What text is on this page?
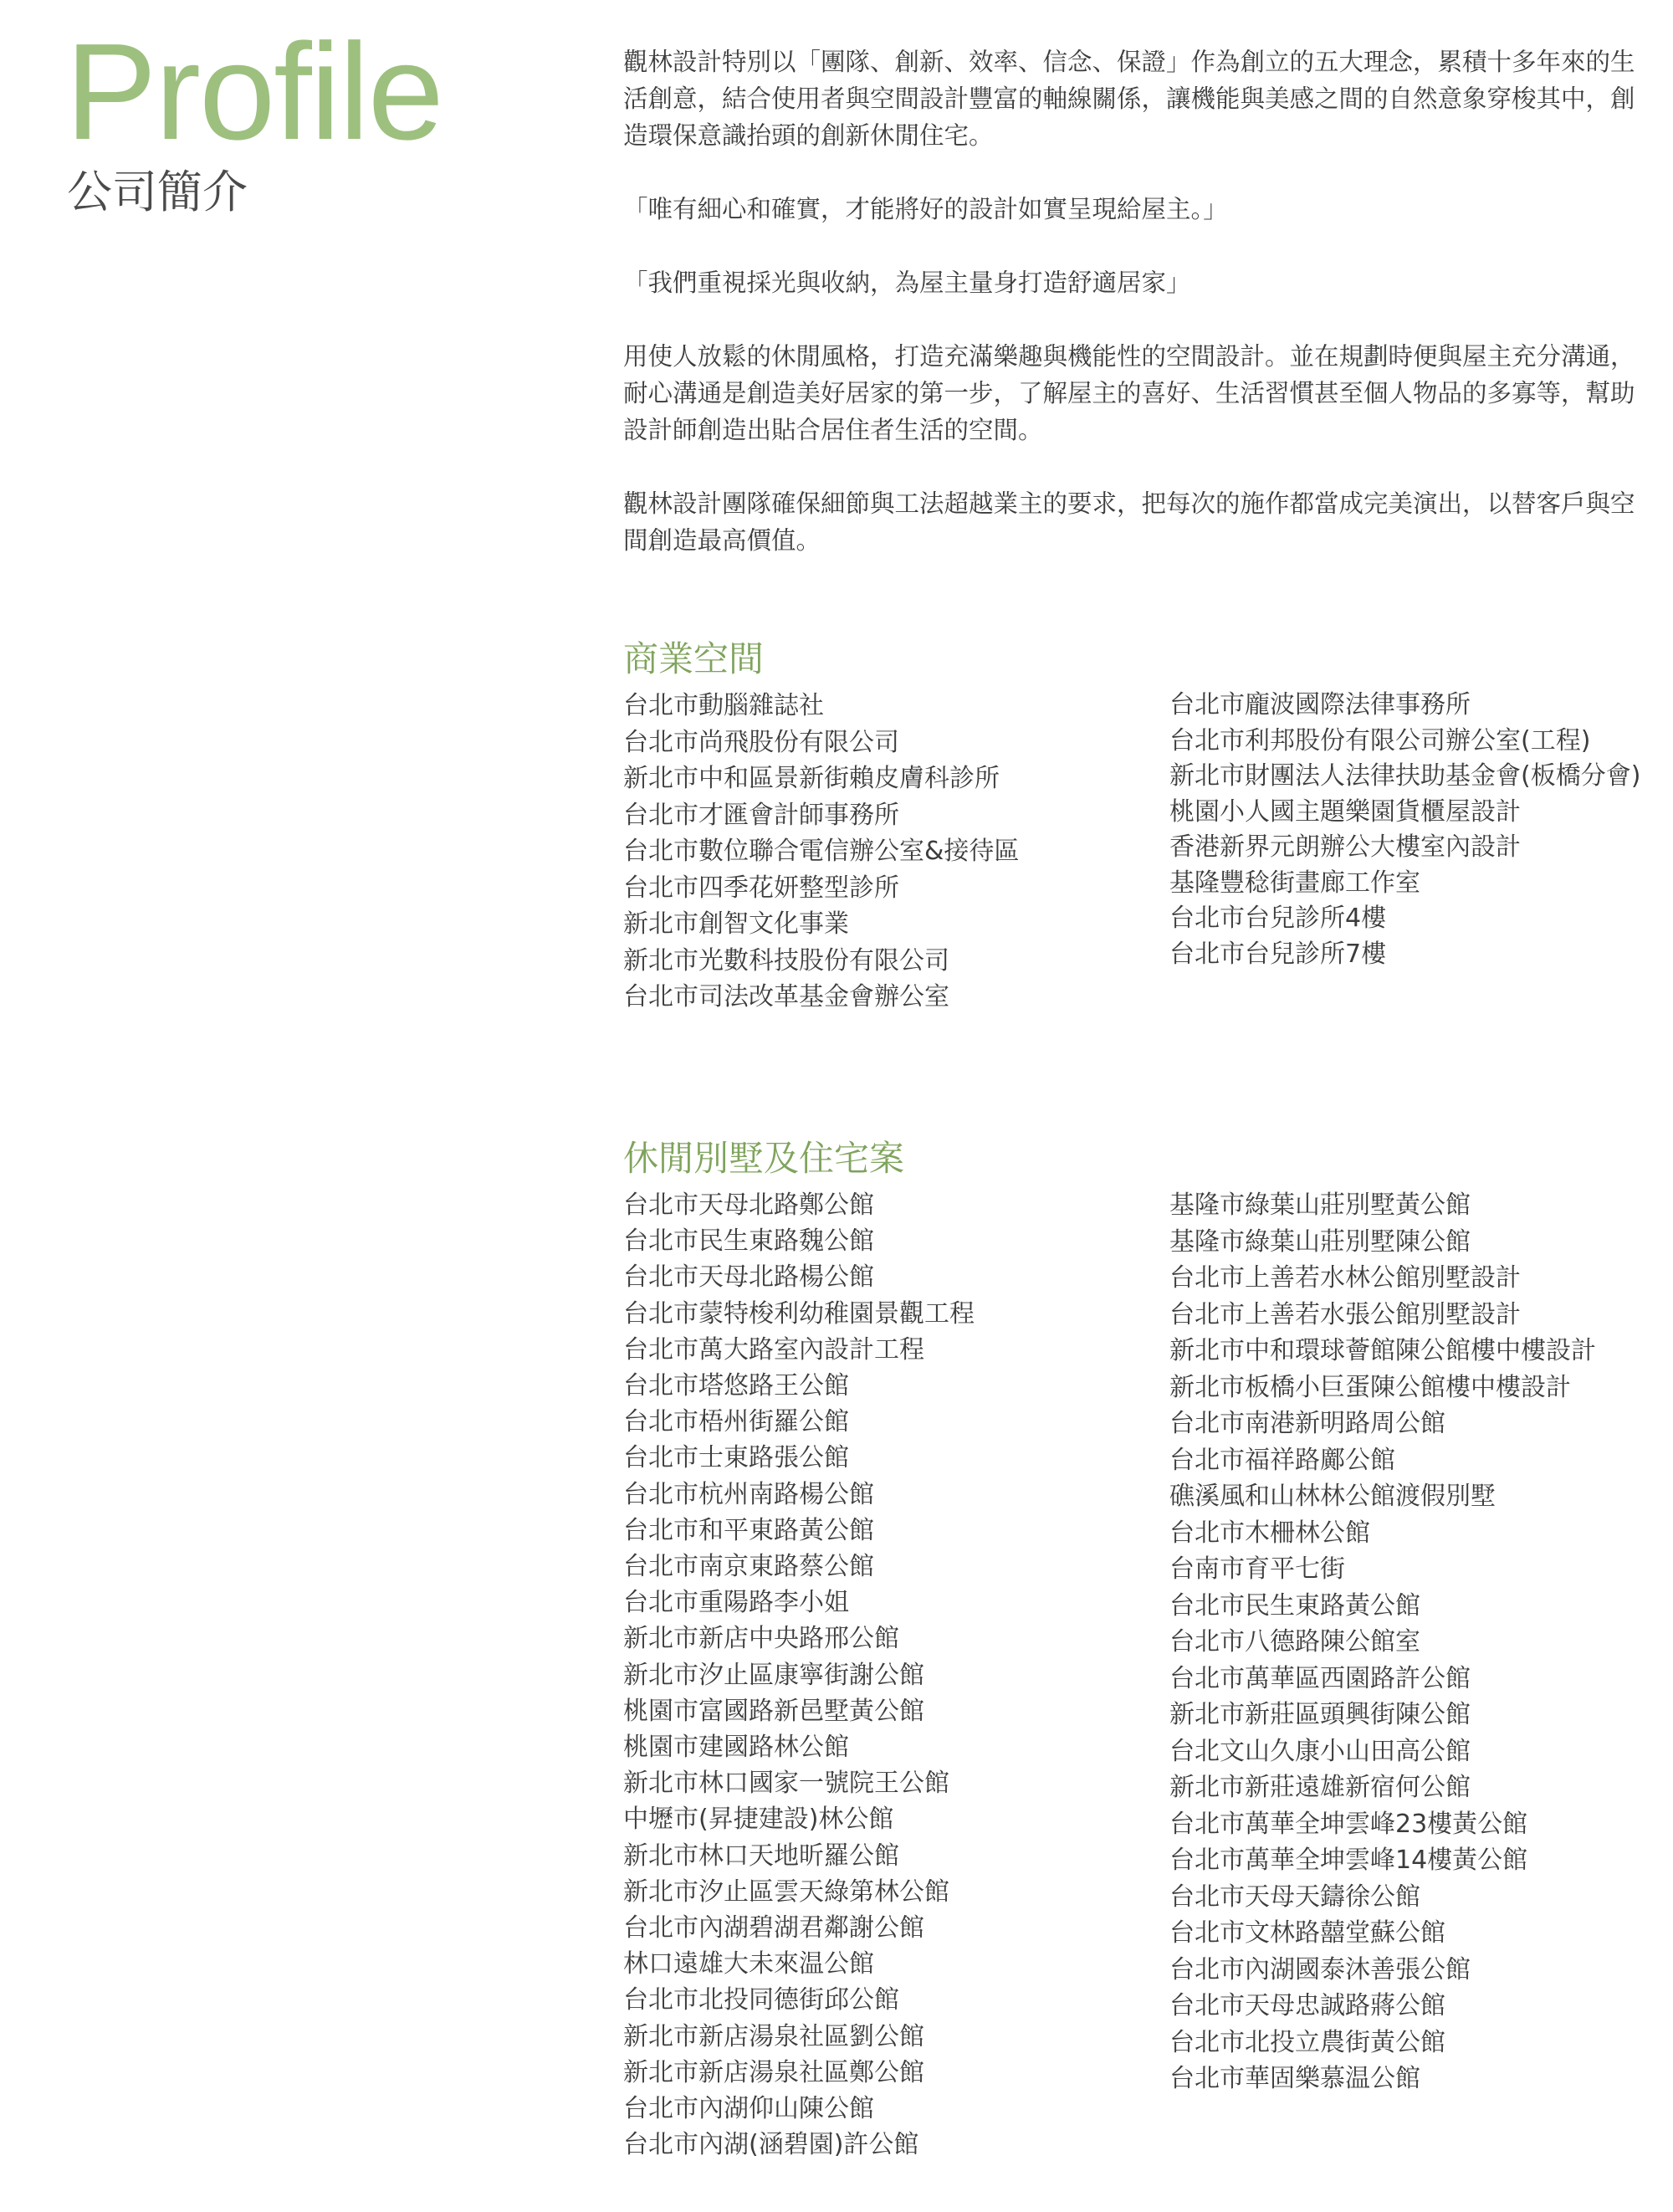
Profile
公司簡介

觀林設計特別以「團隊、創新、效率、信念、保證」作為創立的五大理念，累積十多年來的生活創意，結合使用者與空間設計豐富的軸線關係，讓機能與美感之間的自然意象穿梭其中，創造環保意識抬頭的創新休閒住宅。

「唯有細心和確實，才能將好的設計如實呈現給屋主。」

「我們重視採光與收納，為屋主量身打造舒適居家」

用使人放鬆的休閒風格，打造充滿樂趣與機能性的空間設計。並在規劃時便與屋主充分溝通，耐心溝通是創造美好居家的第一步，了解屋主的喜好、生活習慣甚至個人物品的多寡等，幫助設計師創造出貼合居住者生活的空間。

觀林設計團隊確保細節與工法超越業主的要求，把每次的施作都當成完美演出，以替客戶與空間創造最高價值。

商業空間
台北市動腦雜誌社
台北市尚飛股份有限公司
新北市中和區景新街賴皮膚科診所
台北市才匯會計師事務所
台北市數位聯合電信辦公室&接待區
台北市四季花妍整型診所
新北市創智文化事業
新北市光數科技股份有限公司
台北市司法改革基金會辦公室
台北市龐波國際法律事務所
台北市利邦股份有限公司辦公室(工程)
新北市財團法人法律扶助基金會(板橋分會)
桃園小人國主題樂園貨櫃屋設計
香港新界元朗辦公大樓室內設計
基隆豐稔街畫廊工作室
台北市台兒診所4樓
台北市台兒診所7樓
休閒別墅及住宅案
台北市天母北路鄭公館
台北市民生東路魏公館
台北市天母北路楊公館
台北市蒙特梭利幼稚園景觀工程
台北市萬大路室內設計工程
台北市塔悠路王公館
台北市梧州街羅公館
台北市士東路張公館
台北市杭州南路楊公館
台北市和平東路黃公館
台北市南京東路蔡公館
台北市重陽路李小姐
新北市新店中央路邢公館
新北市汐止區康寧街謝公館
桃園市富國路新邑墅黃公館
桃園市建國路林公館
新北市林口國家一號院王公館
中壢市(昇捷建設)林公館
新北市林口天地昕羅公館
新北市汐止區雲天綠第林公館
台北市內湖碧湖君鄰謝公館
林口遠雄大未來温公館
台北市北投同德街邱公館
新北市新店湯泉社區劉公館
新北市新店湯泉社區鄭公館
台北市內湖仰山陳公館
台北市內湖(涵碧園)許公館
基隆市綠葉山莊別墅黃公館
基隆市綠葉山莊別墅陳公館
台北市上善若水林公館別墅設計
台北市上善若水張公館別墅設計
新北市中和環球薈館陳公館樓中樓設計
新北市板橋小巨蛋陳公館樓中樓設計
台北市南港新明路周公館
台北市福祥路鄺公館
礁溪風和山林林公館渡假別墅
台北市木柵林公館
台南市育平七街
台北市民生東路黃公館
台北市八德路陳公館室
台北市萬華區西園路許公館
新北市新莊區頭興街陳公館
台北文山久康小山田高公館
新北市新莊遠雄新宿何公館
台北市萬華全坤雲峰23樓黃公館
台北市萬華全坤雲峰14樓黃公館
台北市天母天鑄徐公館
台北市文林路囍堂蘇公館
台北市內湖國泰沐善張公館
台北市天母忠誠路蔣公館
台北市北投立農街黃公館
台北市華固樂慕温公館
